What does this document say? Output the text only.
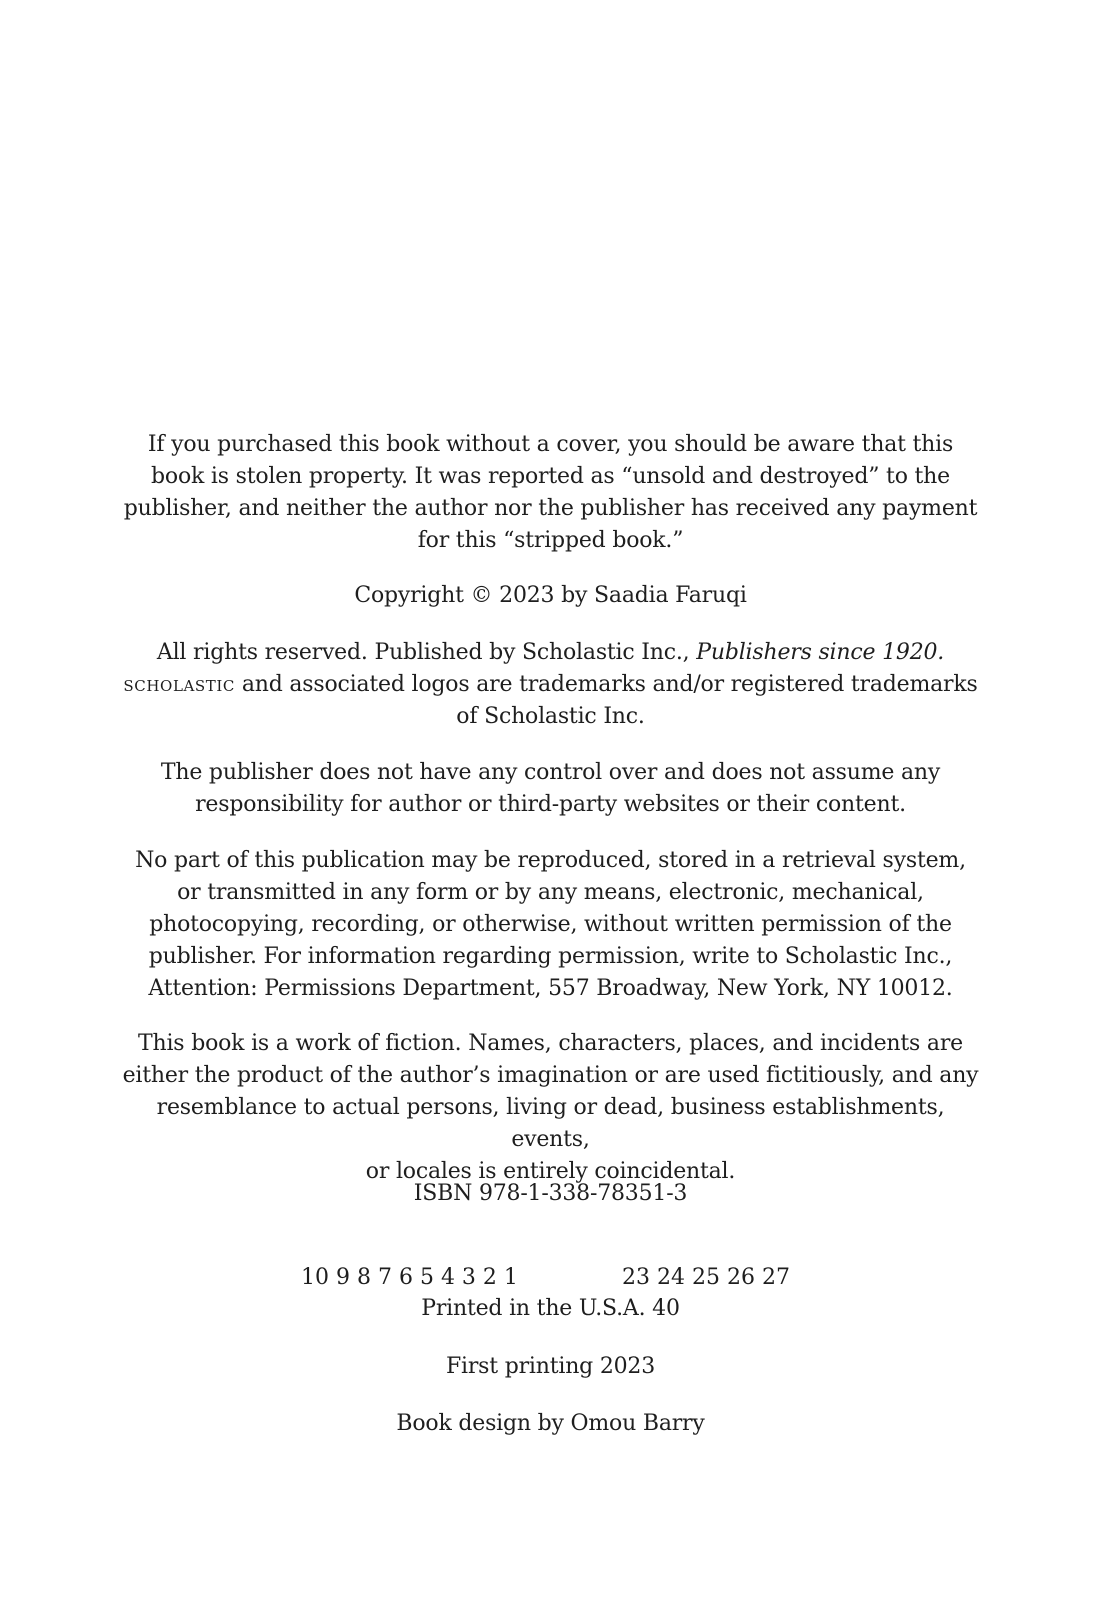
If you purchased this book without a cover, you should be aware that this

book is stolen property. It was reported as “unsold and destroyed” to the

publisher, and neither the author nor the publisher has received any payment

for this “stripped book.”

Copyright © 2023 by Saadia Faruqi

All rights reserved. Published by Scholastic Inc., Publishers since 1920.

scholastic and associated logos are trademarks and/or registered trademarks

of Scholastic Inc.

The publisher does not have any control over and does not assume any

responsibility for author or third-party websites or their content.

No part of this publication may be reproduced, stored in a retrieval system,

or transmitted in any form or by any means, electronic, mechanical,

photocopying, recording, or otherwise, without written permission of the

publisher. For information regarding permission, write to Scholastic Inc.,

Attention: Permissions Department, 557 Broadway, New York, NY 10012.

This book is a work of fiction. Names, characters, places, and incidents are

either the product of the author’s imagination or are used fictitiously, and any

resemblance to actual persons, living or dead, business establishments, events,

or locales is entirely coincidental.

ISBN 978-1-338-78351-3

10 9 8 7 6 5 4 3 2 1	23 24 25 26 27

Printed in the U.S.A. 40

First printing 2023

Book design by Omou Barry
